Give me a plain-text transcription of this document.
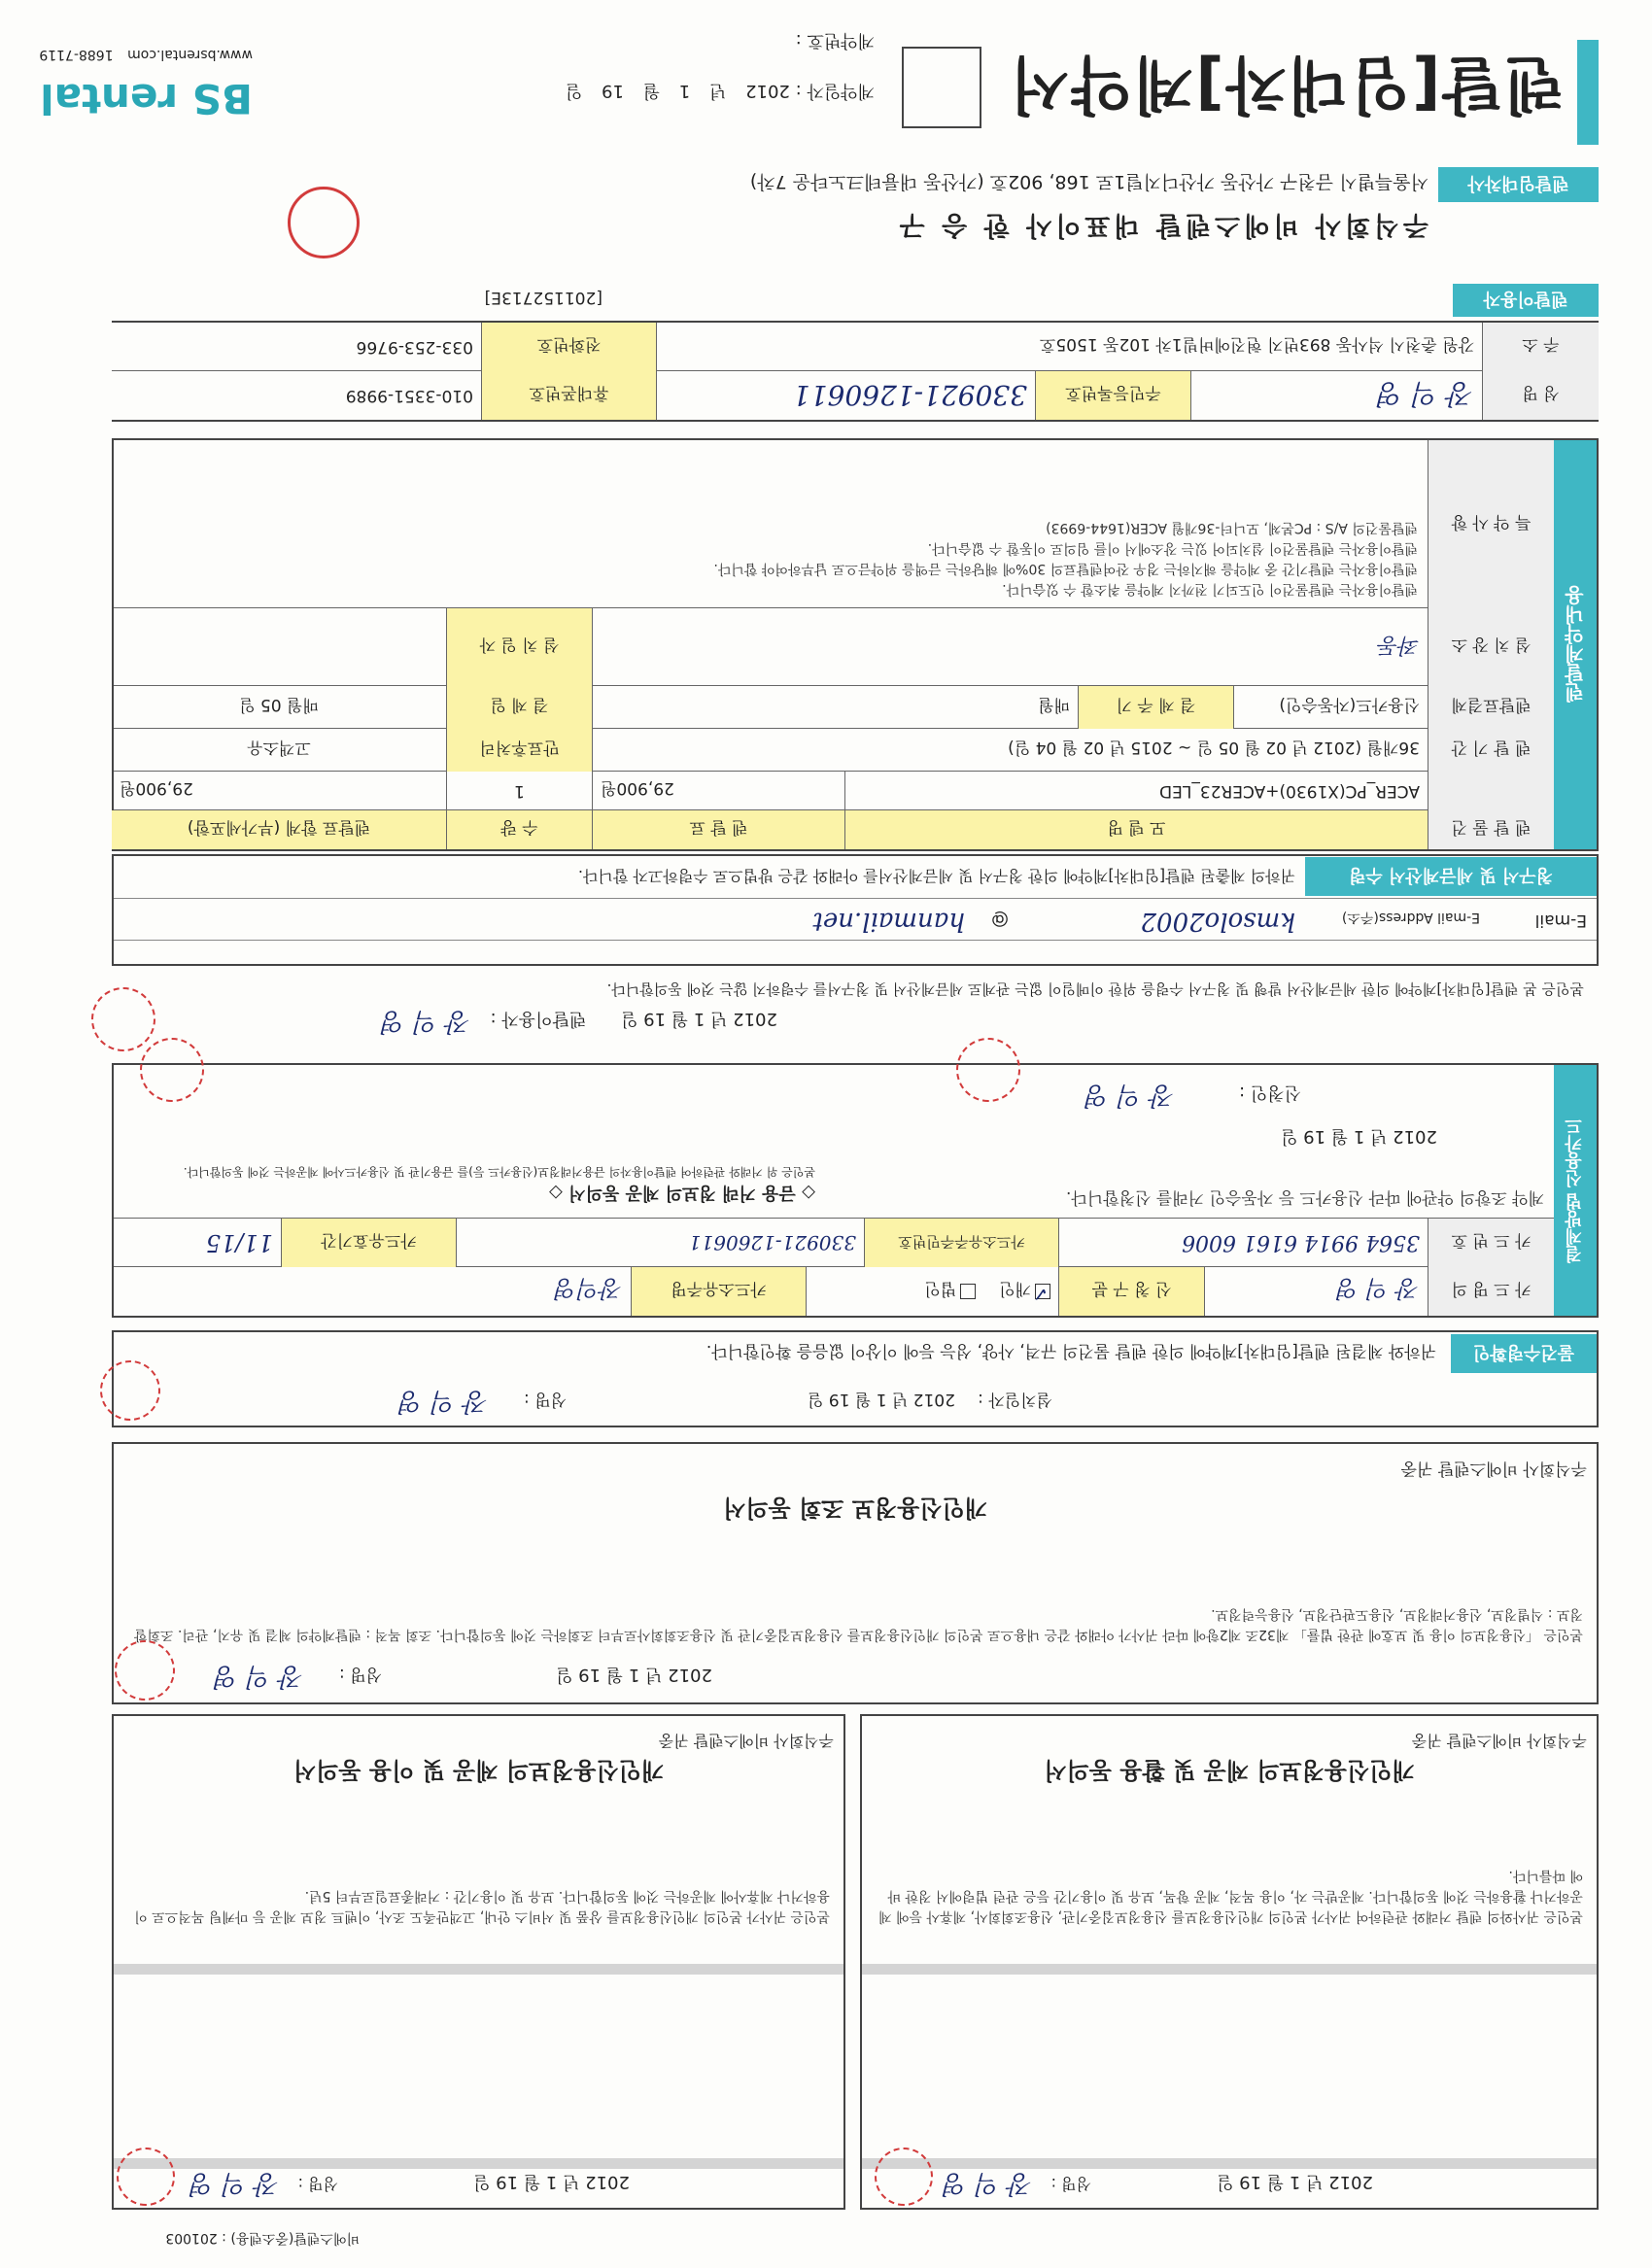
렌탈[임대차]계약서
계약번호 :
계약일자 : 2012 년 1 월 19 일
BS rental
www.bsrental.com 1688-7119
렌탈임대차사
서울특별시 금천구 가산동 가산디지털1로 168, 902호 (가산동 대륭테크노타운 7차)
주식회사 비에스렌탈 대표이사 한 승 구
렌탈이용자
[201152713E]
성 명
장 익 영
주민등록번호
330921-1260611
휴대폰번호
010-3351-9989
주 소
강원 춘천시 석사동 893번지 현진에버빌1차 102동 1505호
전화번호
033-253-9766
렌탈계약내용
렌 탈 물 건
모 델 명
렌 탈 료
수 량
렌탈료 합계 (부가세포함)
ACER_PC(X1930)+ACER23_LED
29,900원
1
29,900원
렌 탈 기 간
36개월 (2012 년 02 월 05 일 ~ 2015 년 02 월 04 일)
만료후처리
고객소유
렌탈료결제
신용카드(자동승인)
결 제 주 기
매월
결 제 일
매월 05 일
설 치 장 소
좌동
설 치 일 자
특 약 사 항
렌탈이용자는 렌탈물건이 인도되기 전까지 계약을 취소할 수 있습니다.
렌탈이용자는 렌탈기간 중 계약을 해지하는 경우 잔여렌탈료의 30%에 해당하는 금액을 위약금으로 납부하여야 합니다.
렌탈이용자는 렌탈물건이 설치되어 있는 장소에서 이를 임의로 이동할 수 없습니다.
렌탈물건의 A/S : PC본체, 모니터-36개월 ACER(1644-6993)
청구서 및 세금계산서 수령
귀하의 제출된 렌탈[임대차]계약에 의한 청구서 및 세금계산서를 아래와 같은 방법으로 수령하고자 합니다.
E-mail
E-mail Address(주소)
kmsolo2002
@
hanmail.net
본인은 본 렌탈[임대차]계약에 의한 세금계산서 발행 및 청구서 수령을 위한 이메일이 없는 관계로 세금계산서 및 청구서를 수령하지 않는 것에 동의합니다.
2012 년 1 월 19 일 렌탈이용자 : 장 익 영
결제방법 신용카드
카 드 명 의
장 익 영
신 청 구 분
✓
개인
법인
카드소유주명
장익영
카 드 번 호
3564 9914 6161 6006
카드소유주주민번호
330921-1260611
카드유효기간
11/15
계약 조항의 약관에 따라 신용카드 등 자동승인 거래를 신청합니다.
2012 년 1 월 19 일
신청인 : 장 익 영
◇ 금융 거래 정보의 제공 동의서 ◇
본인은 위 거래와 관련하여 렌탈이용자의 금융거래정보(신용카드 등)를 금융기관 및 신용카드사에 제공하는 것에 동의합니다.
물건수령확인
귀하와 체결된 렌탈[임대차]계약에 의한 렌탈 물건의 규격, 사양, 성능 등에 이상이 없음을 확인합니다.
설치일자 :
2012 년 1 월 19 일
성명 :
장 익 영
주식회사 비에스렌탈 귀중
개인신용정보 조회 동의서
본인은 「신용정보의 이용 및 보호에 관한 법률」 제32조 제2항에 따라 귀사가 아래와 같은 내용으로 본인의 개인신용정보를 신용정보집중기관 및 신용조회회사로부터 조회하는 것에 동의합니다. 조회 목적 : 렌탈계약의 체결 및 유지, 관리. 조회할 정보 : 식별정보, 신용거래정보, 신용도판단정보, 신용능력정보.
2012 년 1 월 19 일
성명 :
장 익 영
주식회사 비에스렌탈 귀중
개인신용정보의 제공 및 활용 동의서
본인은 귀사와의 렌탈 거래와 관련하여 귀사가 본인의 개인신용정보를 신용정보집중기관, 신용조회회사, 제휴사 등에 제공하거나 활용하는 것에 동의합니다. 제공받는 자, 이용 목적, 제공 항목, 보유 및 이용기간 등은 관련 법령에서 정한 바에 따릅니다.
2012 년 1 월 19 일
성명 :
장 익 영
주식회사 비에스렌탈 귀중
개인신용정보의 제공 및 이용 동의서
본인은 귀사가 본인의 개인신용정보를 상품 및 서비스 안내, 고객만족도 조사, 이벤트 정보 제공 등 마케팅 목적으로 이용하거나 제휴사에 제공하는 것에 동의합니다. 보유 및 이용기간 : 거래종료일로부터 5년.
2012 년 1 월 19 일
성명 :
장 익 영
비에스렌탈(중소렌용) : 201003
